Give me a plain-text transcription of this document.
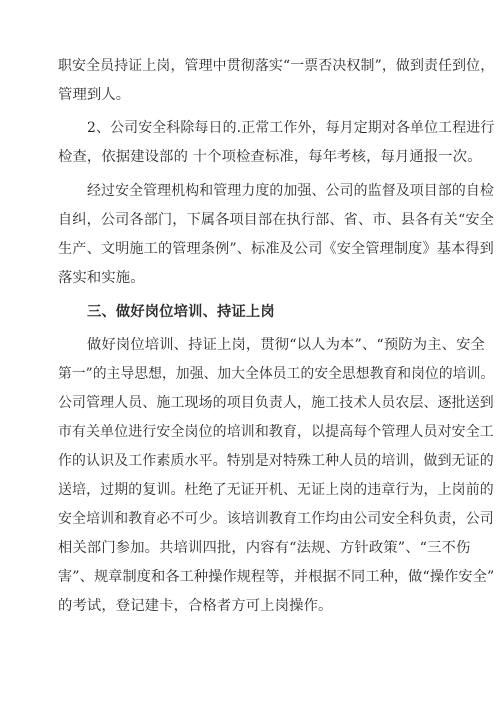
职安全员持证上岗，管理中贯彻落实“一票否决权制”，做到责任到位，
管理到人。
2、公司安全科除每日的.正常工作外，每月定期对各单位工程进行
检查，依据建设部的 十个项检查标准，每年考核，每月通报一次。
经过安全管理机构和管理力度的加强、公司的监督及项目部的自检
自纠，公司各部门，下属各项目部在执行部、省、市、县各有关“安全
生产、文明施工的管理条例”、标准及公司《安全管理制度》基本得到
落实和实施。
三、做好岗位培训、持证上岗
做好岗位培训、持证上岗，贯彻“以人为本”、“预防为主、安全
第一”的主导思想，加强、加大全体员工的安全思想教育和岗位的培训。
公司管理人员、施工现场的项目负责人，施工技术人员农层、逐批送到
市有关单位进行安全岗位的培训和教育，以提高每个管理人员对安全工
作的认识及工作素质水平。特别是对特殊工种人员的培训，做到无证的
送培，过期的复训。杜绝了无证开机、无证上岗的违章行为，上岗前的
安全培训和教育必不可少。该培训教育工作均由公司安全科负责，公司
相关部门参加。共培训四批，内容有“法规、方针政策”、“三不伤
害”、规章制度和各工种操作规程等，并根据不同工种，做“操作安全”
的考试，登记建卡，合格者方可上岗操作。
